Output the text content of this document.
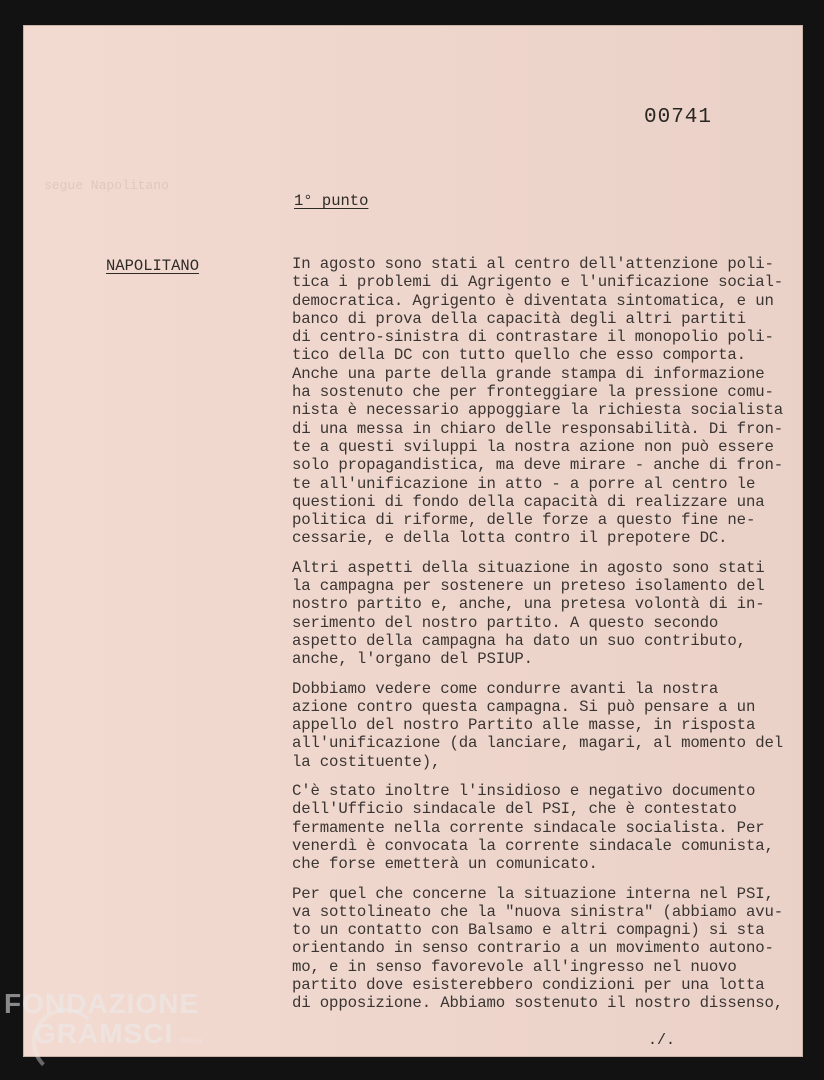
segue Napolitano
00741
1° punto
NAPOLITANO	In agosto sono stati al centro dell'attenzione poli-
tica i problemi di Agrigento e l'unificazione social-
democratica. Agrigento è diventata sintomatica, e un
banco di prova della capacità degli altri partiti
di centro-sinistra di contrastare il monopolio poli-
tico della DC con tutto quello che esso comporta.
Anche una parte della grande stampa di informazione
ha sostenuto che per fronteggiare la pressione comu-
nista è necessario appoggiare la richiesta socialista
di una messa in chiaro delle responsabilità. Di fron-
te a questi sviluppi la nostra azione non può essere
solo propagandistica, ma deve mirare - anche di fron-
te all'unificazione in atto - a porre al centro le
questioni di fondo della capacità di realizzare una
politica di riforme, delle forze a questo fine ne-
cessarie, e della lotta contro il prepotere DC.
Altri aspetti della situazione in agosto sono stati
la campagna per sostenere un preteso isolamento del
nostro partito e, anche, una pretesa volontà di in-
serimento del nostro partito. A questo secondo
aspetto della campagna ha dato un suo contributo,
anche, l'organo del PSIUP.
Dobbiamo vedere come condurre avanti la nostra
azione contro questa campagna. Si può pensare a un
appello del nostro Partito alle masse, in risposta
all'unificazione (da lanciare, magari, al momento del
la costituente),
C'è stato inoltre l'insidioso e negativo documento
dell'Ufficio sindacale del PSI, che è contestato
fermamente nella corrente sindacale socialista. Per
venerdì è convocata la corrente sindacale comunista,
che forse emetterà un comunicato.
Per quel che concerne la situazione interna nel PSI,
va sottolineato che la "nuova sinistra" (abbiamo avu-
to un contatto con Balsamo e altri compagni) si sta
orientando in senso contrario a un movimento autono-
mo, e in senso favorevole all'ingresso nel nuovo
partito dove esisterebbero condizioni per una lotta
di opposizione. Abbiamo sostenuto il nostro dissenso,
./.
FONDAZIONE
GRAMSCI onlus
